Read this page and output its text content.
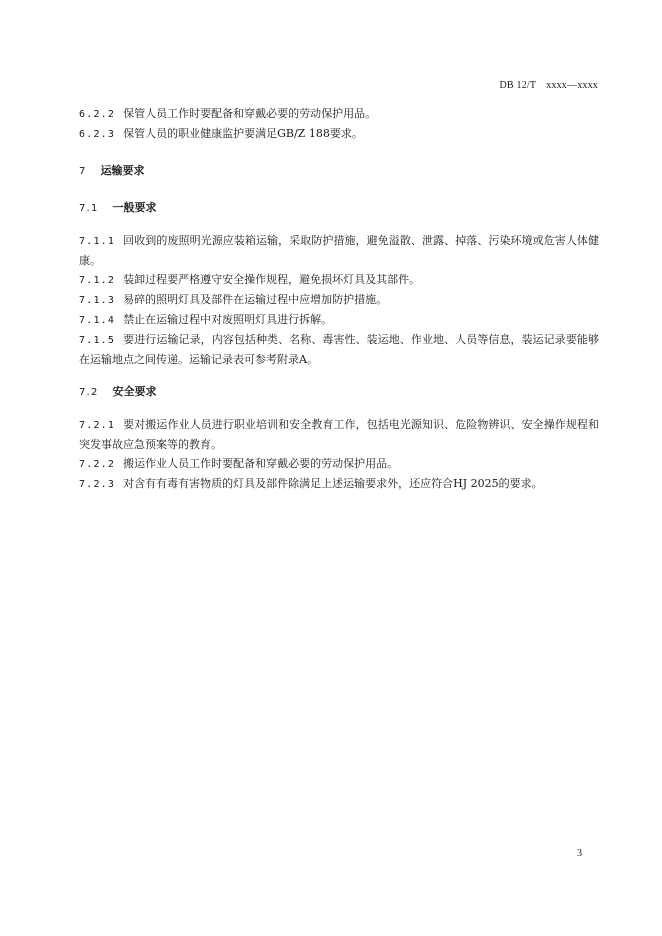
DB 12/T　xxxx—xxxx

6.2.2 保管人员工作时要配备和穿戴必要的劳动保护用品。

6.2.3 保管人员的职业健康监护要满足GB/Z 188要求。

7 运输要求

7.1 一般要求

7.1.1 回收到的废照明光源应装箱运输，采取防护措施，避免溢散、泄露、掉落、污染环境或危害人体健康。

7.1.2 装卸过程要严格遵守安全操作规程，避免损坏灯具及其部件。

7.1.3 易碎的照明灯具及部件在运输过程中应增加防护措施。

7.1.4 禁止在运输过程中对废照明灯具进行拆解。

7.1.5 要进行运输记录，内容包括种类、名称、毒害性、装运地、作业地、人员等信息，装运记录要能够在运输地点之间传递。运输记录表可参考附录A。

7.2 安全要求

7.2.1 要对搬运作业人员进行职业培训和安全教育工作，包括电光源知识、危险物辨识、安全操作规程和突发事故应急预案等的教育。

7.2.2 搬运作业人员工作时要配备和穿戴必要的劳动保护用品。

7.2.3 对含有有毒有害物质的灯具及部件除满足上述运输要求外，还应符合HJ 2025的要求。

3
